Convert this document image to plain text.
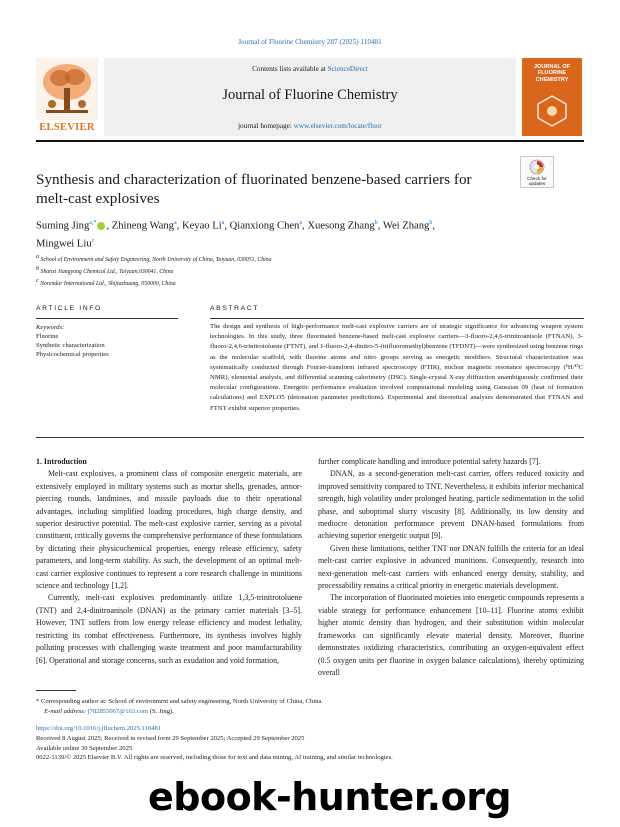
Journal of Fluorine Chemistry 287 (2025) 110481
ELSEVIER
Contents lists available at ScienceDirect
Journal of Fluorine Chemistry
journal homepage: www.elsevier.com/locate/fluor
JOURNAL OF FLUORINE CHEMISTRY
Synthesis and characterization of fluorinated benzene-based carriers for melt-cast explosives
Check for updates
Suming Jing$^{a,*}$ , Zhineng Wang$^a$, Keyao Li$^a$, Qianxiong Chen$^a$, Xuesong Zhang$^b$, Wei Zhang$^b$,
Mingwei Liu$^c$
$^a$ School of Environment and Safety Engineering, North University of China, Taiyuan, 030051, China
$^b$ Shanxi Jiangyang Chemical Ltd., Taiyuan,030041, China
$^c$ Norendar International Ltd., Shijiazhuang, 050000, China
ARTICLE INFO	ABSTRACT
Keywords:
Fluorine
Synthetic characterization
Physicochemical properties
The design and synthesis of high-performance melt-cast explosive carriers are of strategic significance for advancing weapon system technologies. In this study, three fluorinated benzene-based melt-cast explosive carriers—3-fluoro-2,4,6-trinitroanisole (FTNAN), 3-fluoro-2,4,6-trinitrotoluene (FTNT), and 1-fluoro-2,4-dinitro-5-(trifluoromethyl)benzene (TFDNT)—were synthesized using benzene rings as the molecular scaffold, with fluorine atoms and nitro groups serving as energetic modifiers. Structural characterization was systematically conducted through Fourier-transform infrared spectroscopy (FTIR), nuclear magnetic resonance spectroscopy (¹H/¹³C NMR), elemental analysis, and differential scanning calorimetry (DSC). Single-crystal X-ray diffraction unambiguously confirmed their molecular configurations. Energetic performance evaluation involved computational modeling using Gaussian 09 (heat of formation calculations) and EXPLO5 (detonation parameter predictions). Experimental and theoretical analyses demonstrated that FTNAN and FTNT exhibit superior properties.

1. Introduction

Melt-cast explosives, a prominent class of composite energetic materials, are extensively employed in military systems such as mortar shells, grenades, armor-piercing rounds, landmines, and missile payloads due to their operational advantages, including simplified loading procedures, high charge density, and superior destructive potential. The melt-cast explosive carrier, serving as a pivotal constituent, critically governs the comprehensive performance of these formulations by dictating their physicochemical properties, energy release efficiency, safety parameters, and long-term stability. As such, the development of an optimal melt-cast carrier explosive continues to represent a core research challenge in munitions science and technology [1,2].

Currently, melt-cast explosives predominantly utilize 1,3,5-trinitrotoluene (TNT) and 2,4-dinitroanisole (DNAN) as the primary carrier materials [3–5]. However, TNT suffers from low energy release efficiency and modest lethality, restricting its combat effectiveness. Furthermore, its synthesis involves highly polluting processes with challenging waste treatment and poor manufacturability [6]. Operational and storage concerns, such as exudation and void formation,

further complicate handling and introduce potential safety hazards [7].

DNAN, as a second-generation melt-cast carrier, offers reduced toxicity and improved sensitivity compared to TNT. Nevertheless, it exhibits inferior mechanical strength, high volatility under prolonged heating, particle sedimentation in the solid phase, and suboptimal slurry viscosity [8]. Additionally, its low density and mediocre detonation performance prevent DNAN-based formulations from achieving superior energetic output [9].

Given these limitations, neither TNT nor DNAN fulfills the criteria for an ideal melt-cast carrier explosive in advanced munitions. Consequently, research into next-generation melt-cast carriers with enhanced energy density, stability, and processability remains a critical priority in energetic materials development.

The incorporation of fluorinated moieties into energetic compounds represents a viable strategy for performance enhancement [10–11]. Fluorine atoms exhibit higher atomic density than hydrogen, and their substitution within molecular frameworks can significantly elevate material density. Moreover, fluorine demonstrates oxidizing characteristics, contributing an oxygen-equivalent effect (0.5 oxygen units per fluorine in oxygen balance calculations), thereby optimizing overall

* Corresponding author at: School of environmrnt and safety engineering, North University of China, China.
E-mail address: j782855067@163.com (S. Jing).
https://doi.org/10.1016/j.jfluchem.2025.110481
Received 8 August 2025; Received in revised form 29 September 2025; Accepted 29 September 2025
Available online 30 September 2025
0022-1139/© 2025 Elsevier B.V. All rights are reserved, including those for text and data mining, AI training, and similar technologies.
ebook-hunter.org
